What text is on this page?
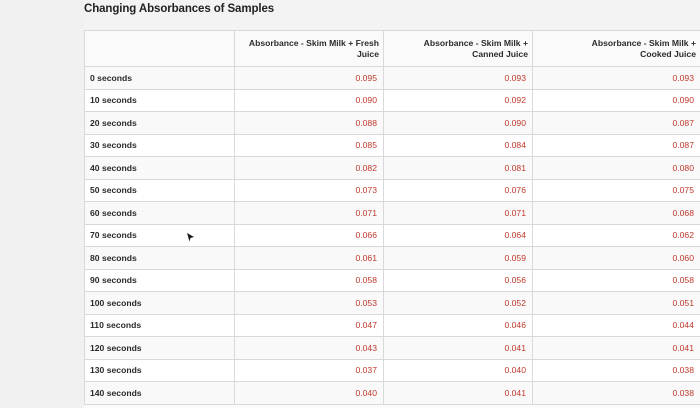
Changing Absorbances of Samples
	Absorbance - Skim Milk + Fresh Juice	Absorbance - Skim Milk + Canned Juice	Absorbance - Skim Milk + Cooked Juice
0 seconds	0.095	0.093	0.093
10 seconds	0.090	0.092	0.090
20 seconds	0.088	0.090	0.087
30 seconds	0.085	0.084	0.087
40 seconds	0.082	0.081	0.080
50 seconds	0.073	0.076	0.075
60 seconds	0.071	0.071	0.068
70 seconds	0.066	0.064	0.062
80 seconds	0.061	0.059	0.060
90 seconds	0.058	0.056	0.058
100 seconds	0.053	0.052	0.051
110 seconds	0.047	0.046	0.044
120 seconds	0.043	0.041	0.041
130 seconds	0.037	0.040	0.038
140 seconds	0.040	0.041	0.038
